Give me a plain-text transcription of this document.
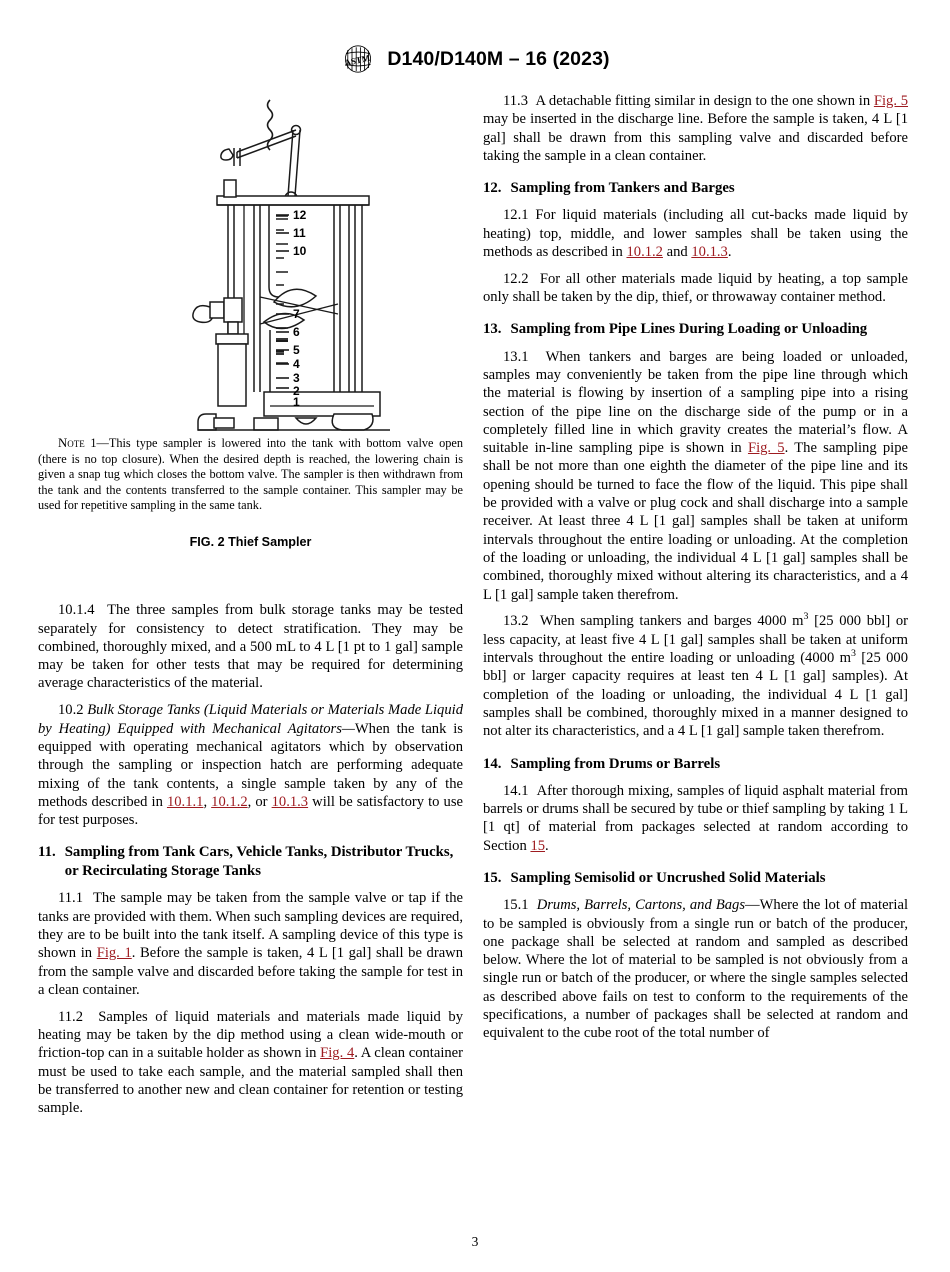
ASTM D140/D140M – 16 (2023)
12
11
10
7
6
5
4
3
2
1
Note 1—This type sampler is lowered into the tank with bottom valve open (there is no top closure). When the desired depth is reached, the lowering chain is given a snap tug which closes the bottom valve. The sampler is then withdrawn from the tank and the contents transferred to the sample container. This sampler may be used for repetitive sampling in the same tank.
FIG. 2 Thief Sampler

10.1.4 The three samples from bulk storage tanks may be tested separately for consistency to detect stratification. They may be combined, thoroughly mixed, and a 500 mL to 4 L [1 pt to 1 gal] sample may be taken for other tests that may be required for determining average characteristics of the material.

10.2 Bulk Storage Tanks (Liquid Materials or Materials Made Liquid by Heating) Equipped with Mechanical Agitators—When the tank is equipped with operating mechanical agitators which by observation through the sampling or inspection hatch are performing adequate mixing of the tank contents, a single sample taken by any of the methods described in 10.1.1, 10.1.2, or 10.1.3 will be satisfactory to use for test purposes.

11. Sampling from Tank Cars, Vehicle Tanks, Distributor Trucks, or Recirculating Storage Tanks

11.1 The sample may be taken from the sample valve or tap if the tanks are provided with them. When such sampling devices are required, they are to be built into the tank itself. A sampling device of this type is shown in Fig. 1. Before the sample is taken, 4 L [1 gal] shall be drawn from the sample valve and discarded before taking the sample for test in a clean container.

11.2 Samples of liquid materials and materials made liquid by heating may be taken by the dip method using a clean wide-mouth or friction-top can in a suitable holder as shown in Fig. 4. A clean container must be used to take each sample, and the material sampled shall then be transferred to another new and clean container for retention or testing sample.

11.3 A detachable fitting similar in design to the one shown in Fig. 5 may be inserted in the discharge line. Before the sample is taken, 4 L [1 gal] shall be drawn from this sampling valve and discarded before taking the sample in a clean container.

12. Sampling from Tankers and Barges

12.1 For liquid materials (including all cut-backs made liquid by heating) top, middle, and lower samples shall be taken using the methods as described in 10.1.2 and 10.1.3.

12.2 For all other materials made liquid by heating, a top sample only shall be taken by the dip, thief, or throwaway container method.

13. Sampling from Pipe Lines During Loading or Unloading

13.1 When tankers and barges are being loaded or unloaded, samples may conveniently be taken from the pipe line through which the material is flowing by insertion of a sampling pipe into a rising section of the pipe line on the discharge side of the pump or in a completely filled line in which gravity creates the material’s flow. A suitable in-line sampling pipe is shown in Fig. 5. The sampling pipe shall be not more than one eighth the diameter of the pipe line and its opening should be turned to face the flow of the liquid. This pipe shall be provided with a valve or plug cock and shall discharge into a sample receiver. At least three 4 L [1 gal] samples shall be taken at uniform intervals throughout the entire loading or unloading. At the completion of the loading or unloading, the individual 4 L [1 gal] samples shall be combined, thoroughly mixed without altering its characteristics, and a 4 L [1 gal] sample taken therefrom.

13.2 When sampling tankers and barges 4000 $m^3$ [25 000 bbl] or less capacity, at least five 4 L [1 gal] samples shall be taken at uniform intervals throughout the entire loading or unloading (4000 $m^3$ [25 000 bbl] or larger capacity requires at least ten 4 L [1 gal] samples). At completion of the loading or unloading, the individual 4 L [1 gal] samples shall be combined, thoroughly mixed in a manner designed to not alter its characteristics, and a 4 L [1 gal] sample taken therefrom.

14. Sampling from Drums or Barrels

14.1 After thorough mixing, samples of liquid asphalt material from barrels or drums shall be secured by tube or thief sampling by taking 1 L [1 qt] of material from packages selected at random according to Section 15.

15. Sampling Semisolid or Uncrushed Solid Materials

15.1 Drums, Barrels, Cartons, and Bags—Where the lot of material to be sampled is obviously from a single run or batch of the producer, one package shall be selected at random and sampled as described below. Where the lot of material to be sampled is not obviously from a single run or batch of the producer, or where the single samples selected as described above fails on test to conform to the requirements of the specifications, a number of packages shall be selected at random and equivalent to the cube root of the total number of

3
